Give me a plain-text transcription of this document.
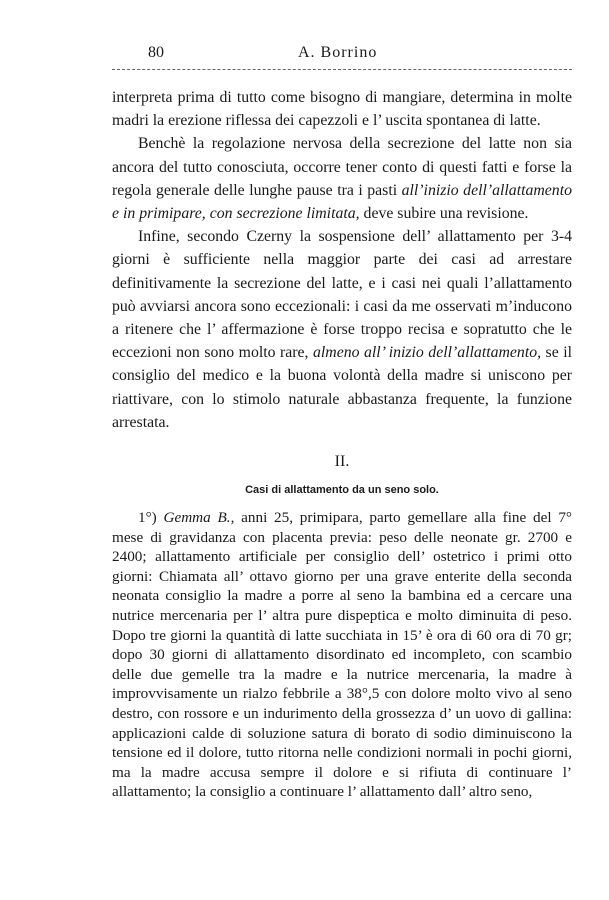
80	A. Borrino

interpreta prima di tutto come bisogno di mangiare, determina in molte madri la erezione riflessa dei capezzoli e l’ uscita spontanea di latte.

Benchè la regolazione nervosa della secrezione del latte non sia ancora del tutto conosciuta, occorre tener conto di questi fatti e forse la regola generale delle lunghe pause tra i pasti all’inizio dell’allattamento e in primipare, con secrezione limitata, deve subire una revisione.

Infine, secondo Czerny la sospensione dell’ allattamento per 3-4 giorni è sufficiente nella maggior parte dei casi ad arrestare definitivamente la secrezione del latte, e i casi nei quali l’allattamento può avviarsi ancora sono eccezionali: i casi da me osservati m’inducono a ritenere che l’ affermazione è forse troppo recisa e sopratutto che le eccezioni non sono molto rare, almeno all’ inizio dell’allattamento, se il consiglio del medico e la buona volontà della madre si uniscono per riattivare, con lo stimolo naturale abbastanza frequente, la funzione arrestata.

II.
Casi di allattamento da un seno solo.

1°) Gemma B., anni 25, primipara, parto gemellare alla fine del 7° mese di gravidanza con placenta previa: peso delle neonate gr. 2700 e 2400; allattamento artificiale per consiglio dell’ ostetrico i primi otto giorni: Chiamata all’ ottavo giorno per una grave enterite della seconda neonata consiglio la madre a porre al seno la bambina ed a cercare una nutrice mercenaria per l’ altra pure dispeptica e molto diminuita di peso. Dopo tre giorni la quantità di latte succhiata in 15’ è ora di 60 ora di 70 gr; dopo 30 giorni di allattamento disordinato ed incompleto, con scambio delle due gemelle tra la madre e la nutrice mercenaria, la madre à improvvisamente un rialzo febbrile a 38°,5 con dolore molto vivo al seno destro, con rossore e un indurimento della grossezza d’ un uovo di gallina: applicazioni calde di soluzione satura di borato di sodio diminuiscono la tensione ed il dolore, tutto ritorna nelle condizioni normali in pochi giorni, ma la madre accusa sempre il dolore e si rifiuta di continuare l’ allattamento; la consiglio a continuare l’ allattamento dall’ altro seno,
